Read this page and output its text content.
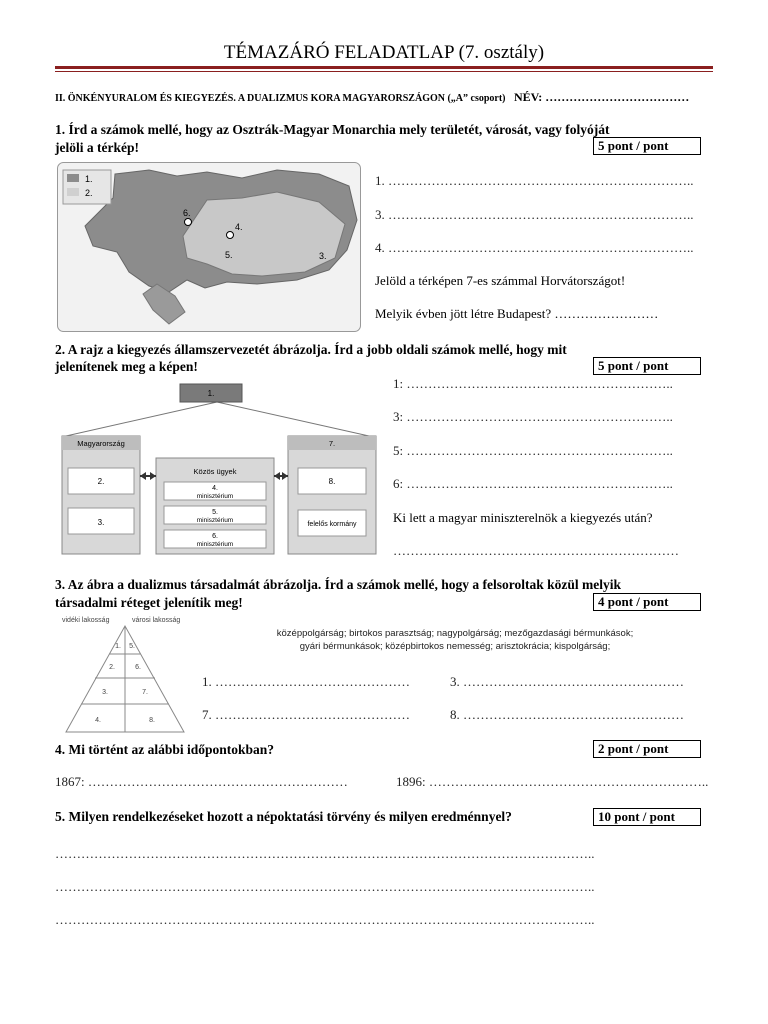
TÉMAZÁRÓ FELADATLAP (7. osztály)
II. ÖNKÉNYURALOM ÉS KIEGYEZÉS. A DUALIZMUS KORA MAGYARORSZÁGON („A” csoport) NÉV: ………………………………
1. Írd a számok mellé, hogy az Osztrák-Magyar Monarchia mely területét, városát, vagy folyóját
jelöli a térkép!	5 pont / pont
1.
2.
6.
4.
5.	3.
1. ……………………………………………………………..
3. ……………………………………………………………..
4. ……………………………………………………………..
Jelöld a térképen 7-es számmal Horvátországot!
Melyik évben jött létre Budapest? ……………………
2. A rajz a kiegyezés államszervezetét ábrázolja. Írd a jobb oldali számok mellé, hogy mit
jelenítenek meg a képen!	5 pont / pont
1.
Magyarország
2.
3.
Közös ügyek
4.
minisztérium
5.
minisztérium
6.
minisztérium
7.
8.
felelős kormány
1: ……………………………………………………..
3: ……………………………………………………..
5: ……………………………………………………..
6: ……………………………………………………..
Ki lett a magyar miniszterelnök a kiegyezés után?
…………………………………………………………
3. Az ábra a dualizmus társadalmát ábrázolja. Írd a számok mellé, hogy a felsoroltak közül melyik
társadalmi réteget jelenítik meg!	4 pont / pont
vidéki lakosság	városi lakosság
1. 5.
2.	6.
3.	7.
4.	8.
középpolgárság; birtokos parasztság; nagypolgárság; mezőgazdasági bérmunkások;
gyári bérmunkások; középbirtokos nemesség; arisztokrácia; kispolgárság;
1. ………………………………………	3. ……………………………………………
7. ………………………………………	8. ……………………………………………
4. Mi történt az alábbi időpontokban?	2 pont / pont
1867: ……………………………………………………	1896: ………………………………………………………..
5. Milyen rendelkezéseket hozott a népoktatási törvény és milyen eredménnyel?	10 pont / pont
……………………………………………………………………………………………………………..
……………………………………………………………………………………………………………..
……………………………………………………………………………………………………………..
